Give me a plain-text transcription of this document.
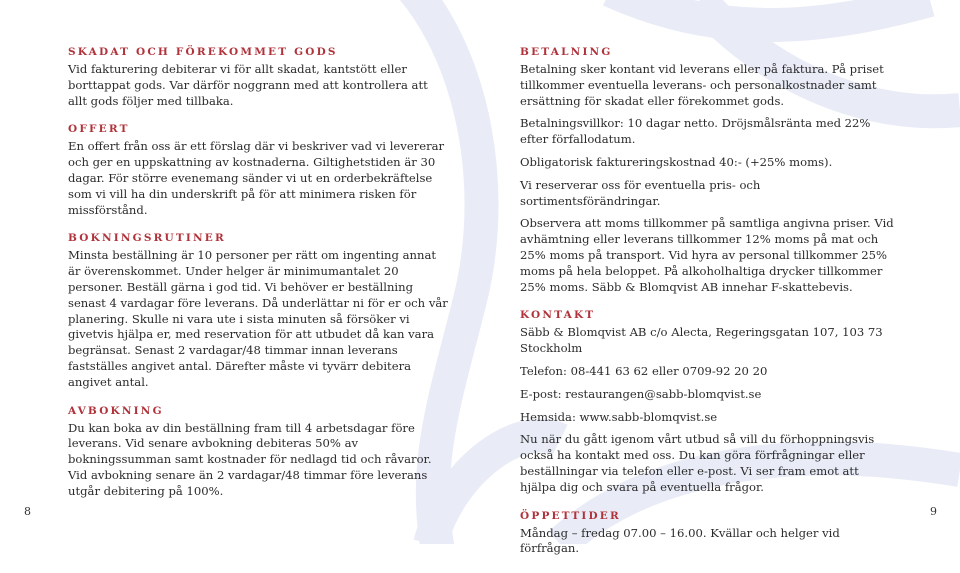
SKADAT OCH FÖREKOMMET GODS

Vid fakturering debiterar vi för allt skadat, kantstött eller borttappat gods. Var därför noggrann med att kontrollera att allt gods följer med tillbaka.

OFFERT

En offert från oss är ett förslag där vi beskriver vad vi levererar och ger en uppskattning av kostnaderna. Giltighetstiden är 30 dagar. För större evenemang sänder vi ut en orderbekräftelse som vi vill ha din underskrift på för att minimera risken för missförstånd.

BOKNINGSRUTINER

Minsta beställning är 10 personer per rätt om ingenting annat är överenskommet. Under helger är minimumantalet 20 personer. Beställ gärna i god tid. Vi behöver er beställning senast 4 vardagar före leverans. Då underlättar ni för er och vår planering. Skulle ni vara ute i sista minuten så försöker vi givetvis hjälpa er, med reservation för att utbudet då kan vara begränsat. Senast 2 vardagar/48 timmar innan leverans fastställes angivet antal. Därefter måste vi tyvärr debitera angivet antal.

AVBOKNING

Du kan boka av din beställning fram till 4 arbetsdagar före leverans. Vid senare avbokning debiteras 50% av bokningssumman samt kostnader för nedlagd tid och råvaror. Vid avbokning senare än 2 vardagar/48 timmar före leverans utgår debitering på 100%.

BETALNING

Betalning sker kontant vid leverans eller på faktura. På priset tillkommer eventuella leverans- och personalkostnader samt ersättning för skadat eller förekommet gods.

Betalningsvillkor: 10 dagar netto. Dröjsmålsränta med 22% efter förfallodatum.

Obligatorisk faktureringskostnad 40:- (+25% moms).

Vi reserverar oss för eventuella pris- och sortimentsförändringar.

Observera att moms tillkommer på samtliga angivna priser. Vid avhämtning eller leverans tillkommer 12% moms på mat och 25% moms på transport. Vid hyra av personal tillkommer 25% moms på hela beloppet. På alkoholhaltiga drycker tillkommer 25% moms. Säbb & Blomqvist AB innehar F-skattebevis.

KONTAKT

Säbb & Blomqvist AB c/o Alecta, Regeringsgatan 107, 103 73 Stockholm

Telefon: 08-441 63 62 eller 0709-92 20 20

E-post: restaurangen@sabb-blomqvist.se

Hemsida: www.sabb-blomqvist.se

Nu när du gått igenom vårt utbud så vill du förhoppningsvis också ha kontakt med oss. Du kan göra förfrågningar eller beställningar via telefon eller e-post. Vi ser fram emot att hjälpa dig och svara på eventuella frågor.

ÖPPETTIDER

Måndag – fredag 07.00 – 16.00. Kvällar och helger vid förfrågan.

8	9
